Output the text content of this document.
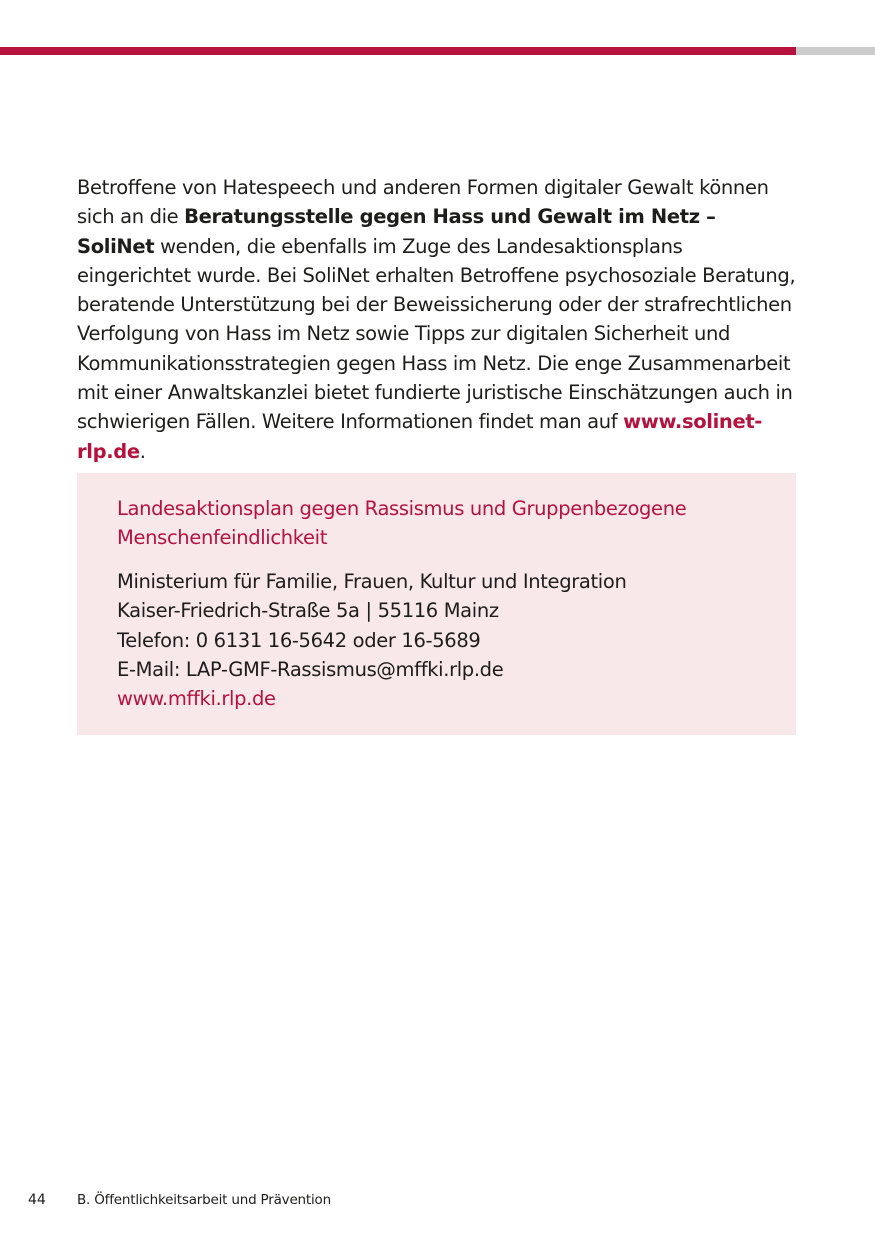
Betroffene von Hatespeech und anderen Formen digitaler Gewalt können sich an die Beratungsstelle gegen Hass und Gewalt im Netz – SoliNet wenden, die ebenfalls im Zuge des Landesaktionsplans eingerichtet wurde. Bei SoliNet erhalten Betroffene psychosoziale Beratung, beratende Unterstützung bei der Beweissicherung oder der strafrechtlichen Verfolgung von Hass im Netz sowie Tipps zur digitalen Sicherheit und Kommunikationsstrategien gegen Hass im Netz. Die enge Zusammenarbeit mit einer Anwaltskanzlei bietet fundierte juristische Einschätzungen auch in schwierigen Fällen. Weitere Informationen findet man auf www.solinet-rlp.de.

Landesaktionsplan gegen Rassismus und Gruppenbezogene Menschenfeindlichkeit

Ministerium für Familie, Frauen, Kultur und Integration
Kaiser-Friedrich-Straße 5a | 55116 Mainz
Telefon: 0 6131 16-5642 oder 16-5689
E-Mail: LAP-GMF-Rassismus@mffki.rlp.de
www.mffki.rlp.de
44 B. Öffentlichkeitsarbeit und Prävention
